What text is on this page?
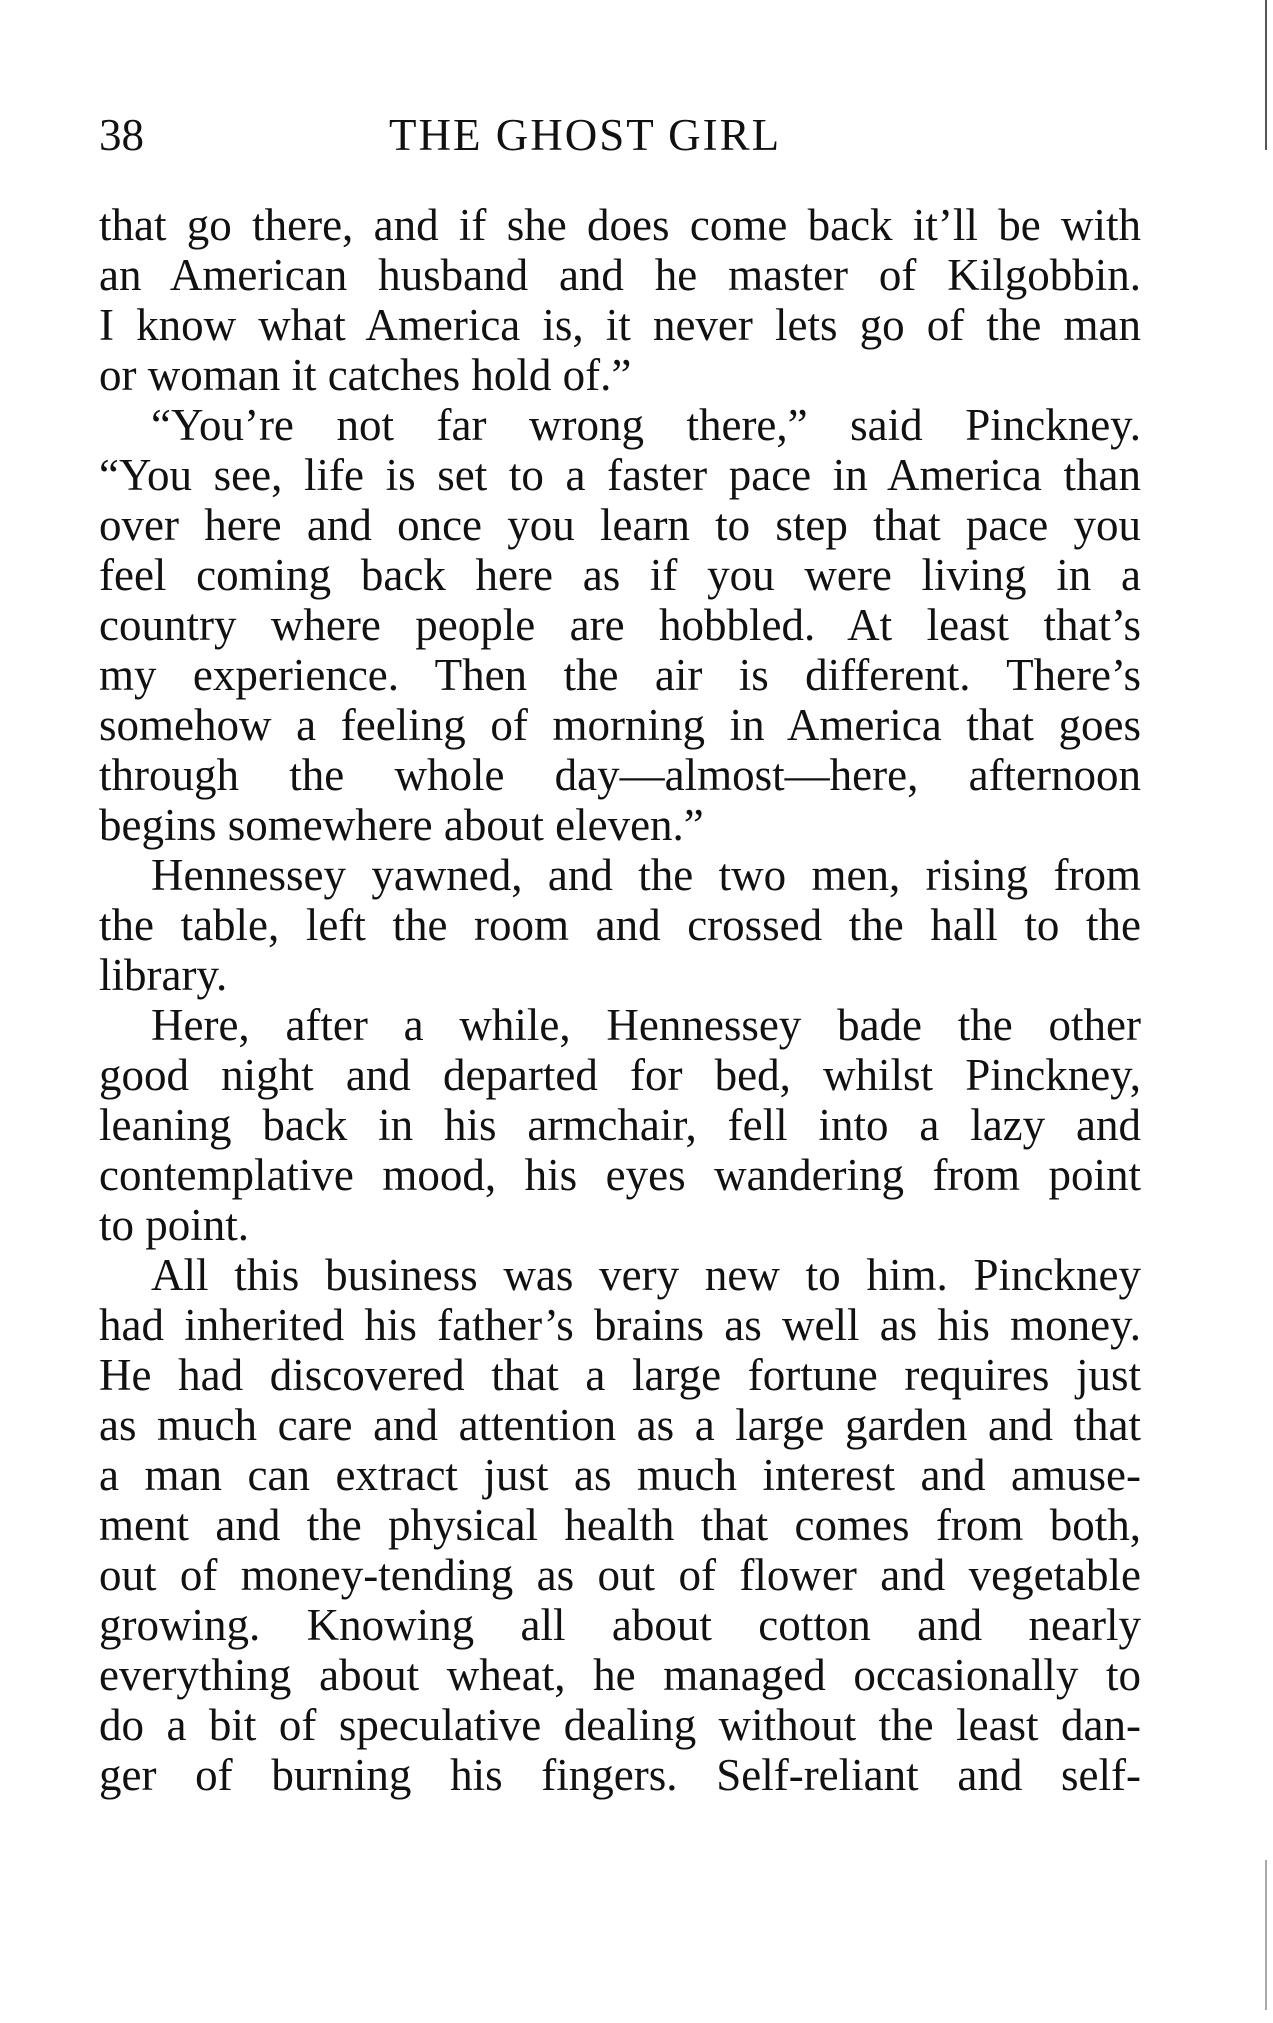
38	THE GHOST GIRL
that go there, and if she does come back it’ll be with
an American husband and he master of Kilgobbin.
I know what America is, it never lets go of the man
or woman it catches hold of.”
“You’re not far wrong there,” said Pinckney.
“You see, life is set to a faster pace in America than
over here and once you learn to step that pace you
feel coming back here as if you were living in a
country where people are hobbled. At least that’s
my experience. Then the air is different. There’s
somehow a feeling of morning in America that goes
through the whole day—almost—here, afternoon
begins somewhere about eleven.”
Hennessey yawned, and the two men, rising from
the table, left the room and crossed the hall to the
library.
Here, after a while, Hennessey bade the other
good night and departed for bed, whilst Pinckney,
leaning back in his armchair, fell into a lazy and
contemplative mood, his eyes wandering from point
to point.
All this business was very new to him. Pinckney
had inherited his father’s brains as well as his money.
He had discovered that a large fortune requires just
as much care and attention as a large garden and that
a man can extract just as much interest and amuse-
ment and the physical health that comes from both,
out of money-tending as out of flower and vegetable
growing. Knowing all about cotton and nearly
everything about wheat, he managed occasionally to
do a bit of speculative dealing without the least dan-
ger of burning his fingers. Self-reliant and self-
